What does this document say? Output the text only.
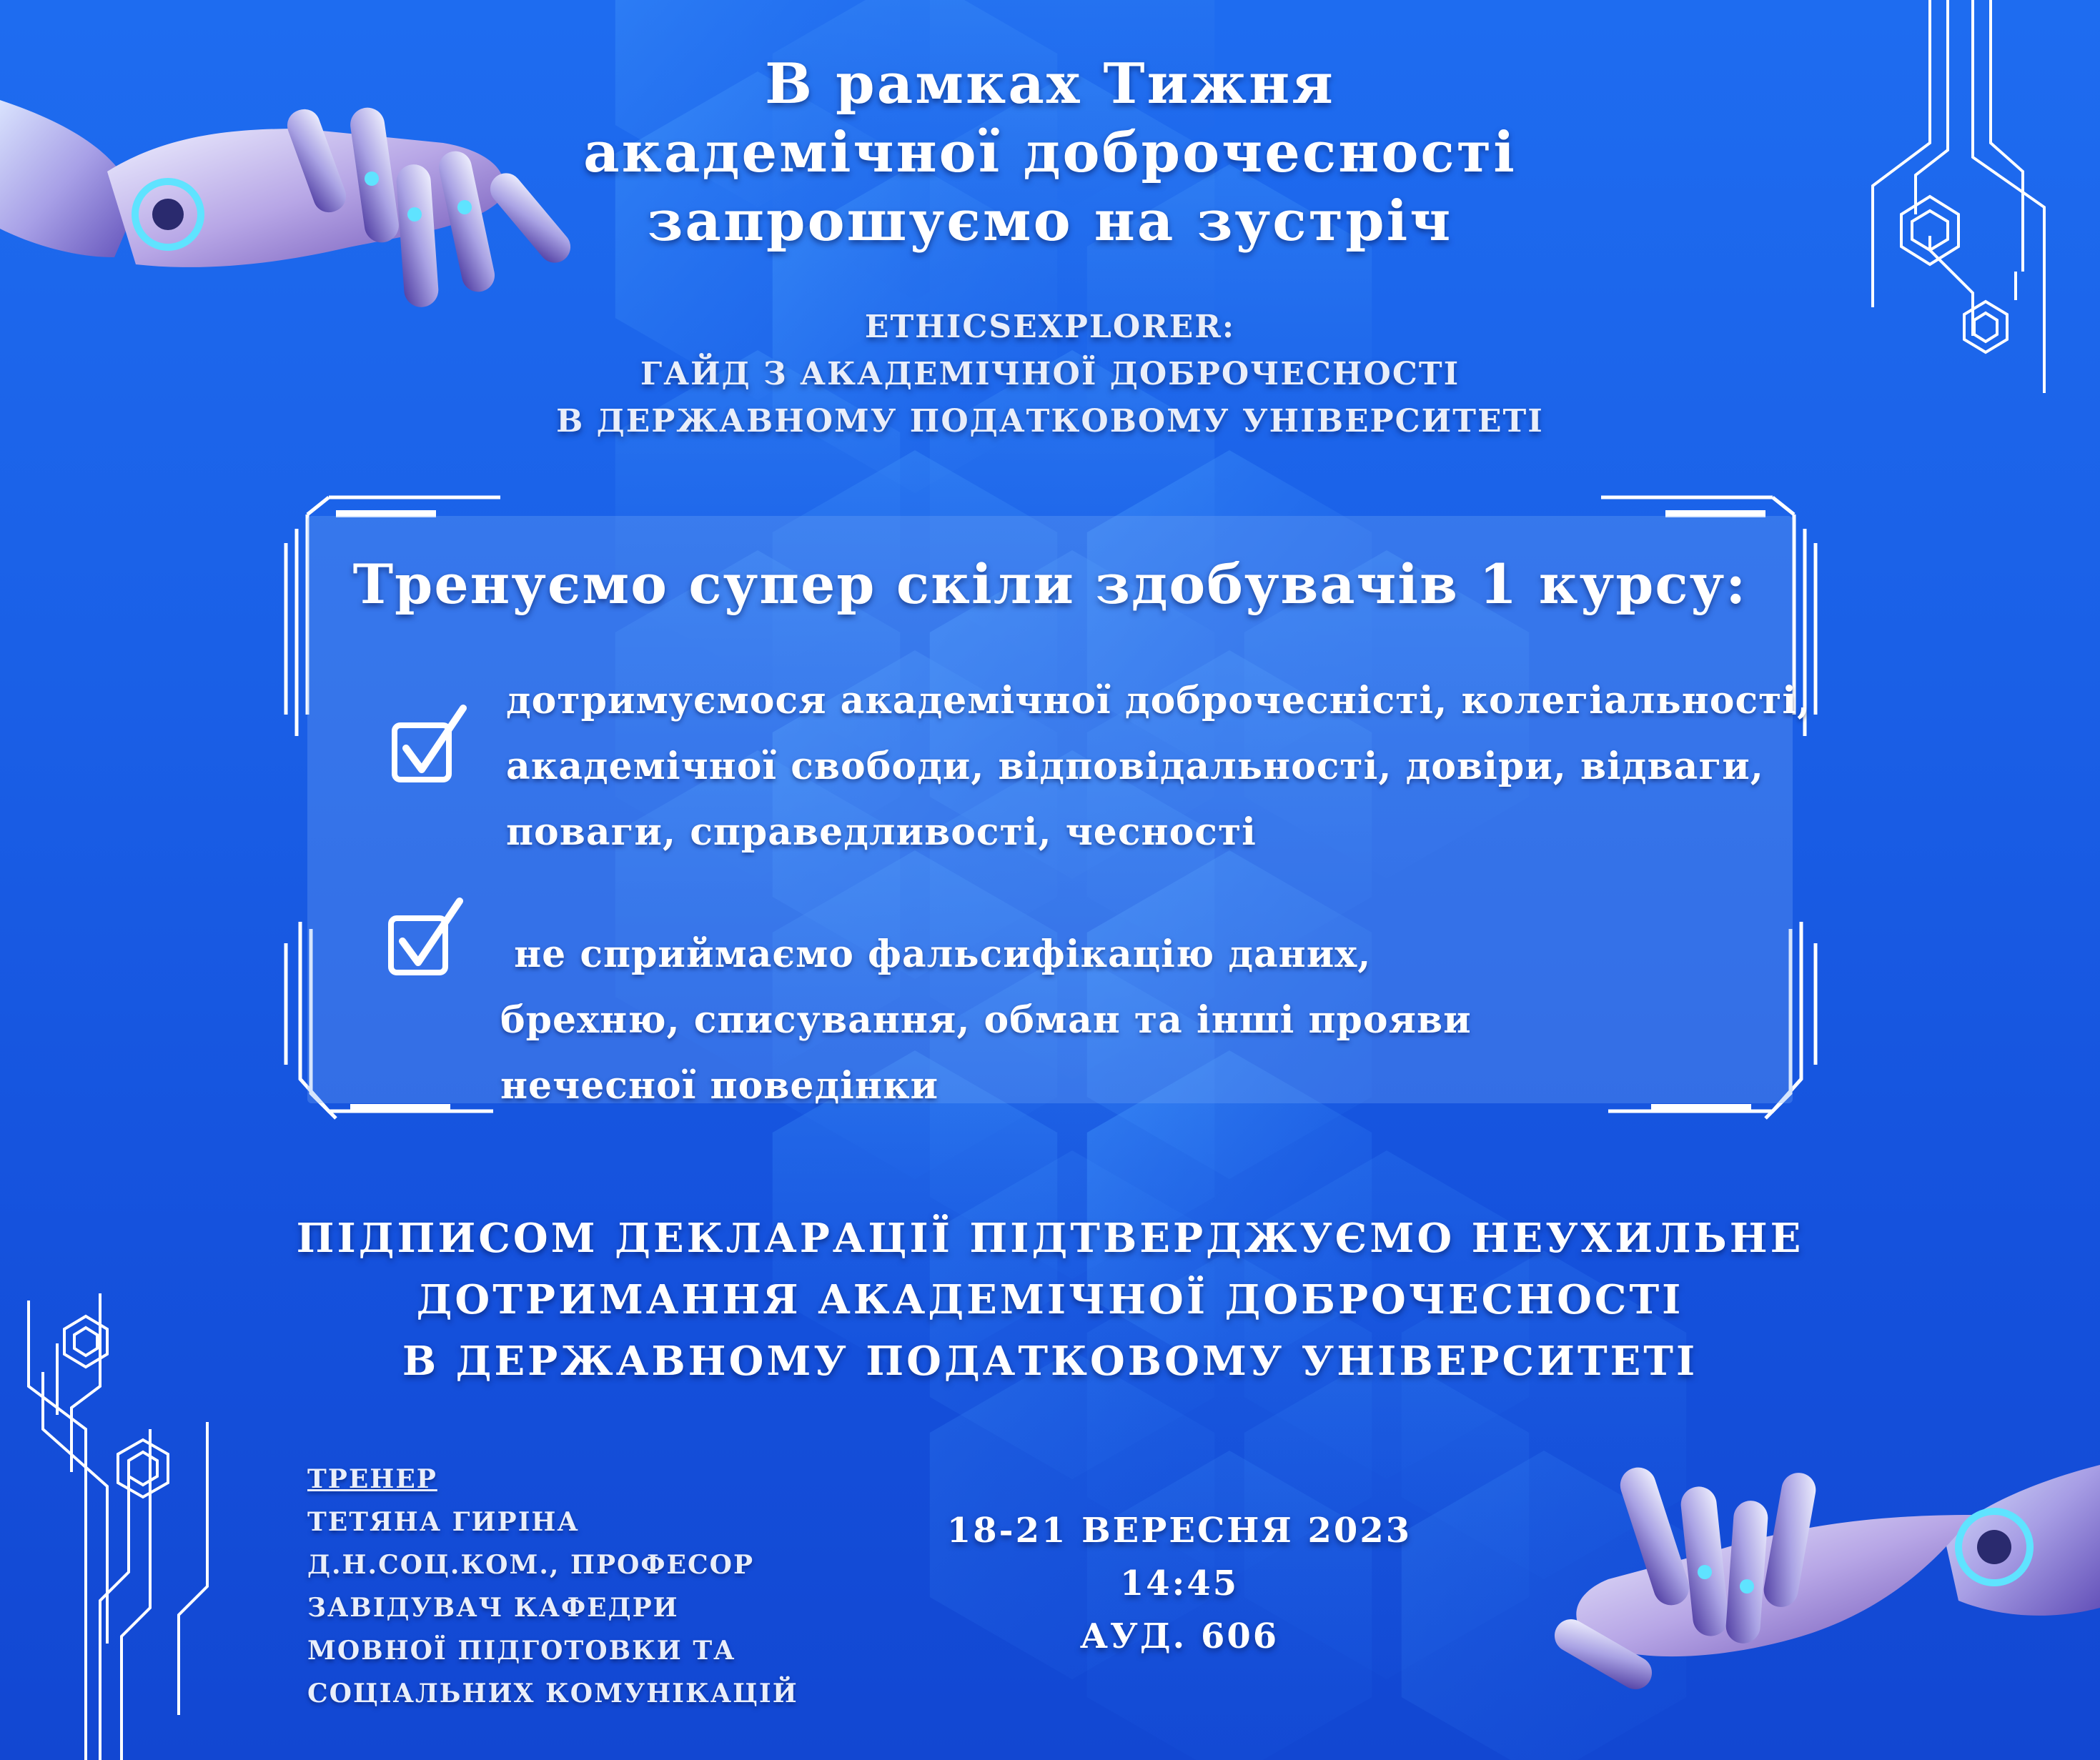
В рамках Тижня
академічної доброчесності
запрошуємо на зустріч
ETHICSEXPLORER:
ГАЙД З АКАДЕМІЧНОЇ ДОБРОЧЕСНОСТІ
В ДЕРЖАВНОМУ ПОДАТКОВОМУ УНІВЕРСИТЕТІ
Тренуємо супер скіли здобувачів 1 курсу:
дотримуємося академічної доброчесністі, колегіальності,
академічної свободи, відповідальності, довіри, відваги,
поваги, справедливості, чесності
не сприймаємо фальсифікацію даних,
брехню, списування, обман та інші прояви
нечесної поведінки
ПІДПИСОМ ДЕКЛАРАЦІЇ ПІДТВЕРДЖУЄМО НЕУХИЛЬНЕ
ДОТРИМАННЯ АКАДЕМІЧНОЇ ДОБРОЧЕСНОСТІ
В ДЕРЖАВНОМУ ПОДАТКОВОМУ УНІВЕРСИТЕТІ
ТРЕНЕР
ТЕТЯНА ГИРІНА
Д.Н.СОЦ.КОМ., ПРОФЕСОР
ЗАВІДУВАЧ КАФЕДРИ
МОВНОЇ ПІДГОТОВКИ ТА
СОЦІАЛЬНИХ КОМУНІКАЦІЙ
18-21 ВЕРЕСНЯ 2023
14:45
АУД. 606
